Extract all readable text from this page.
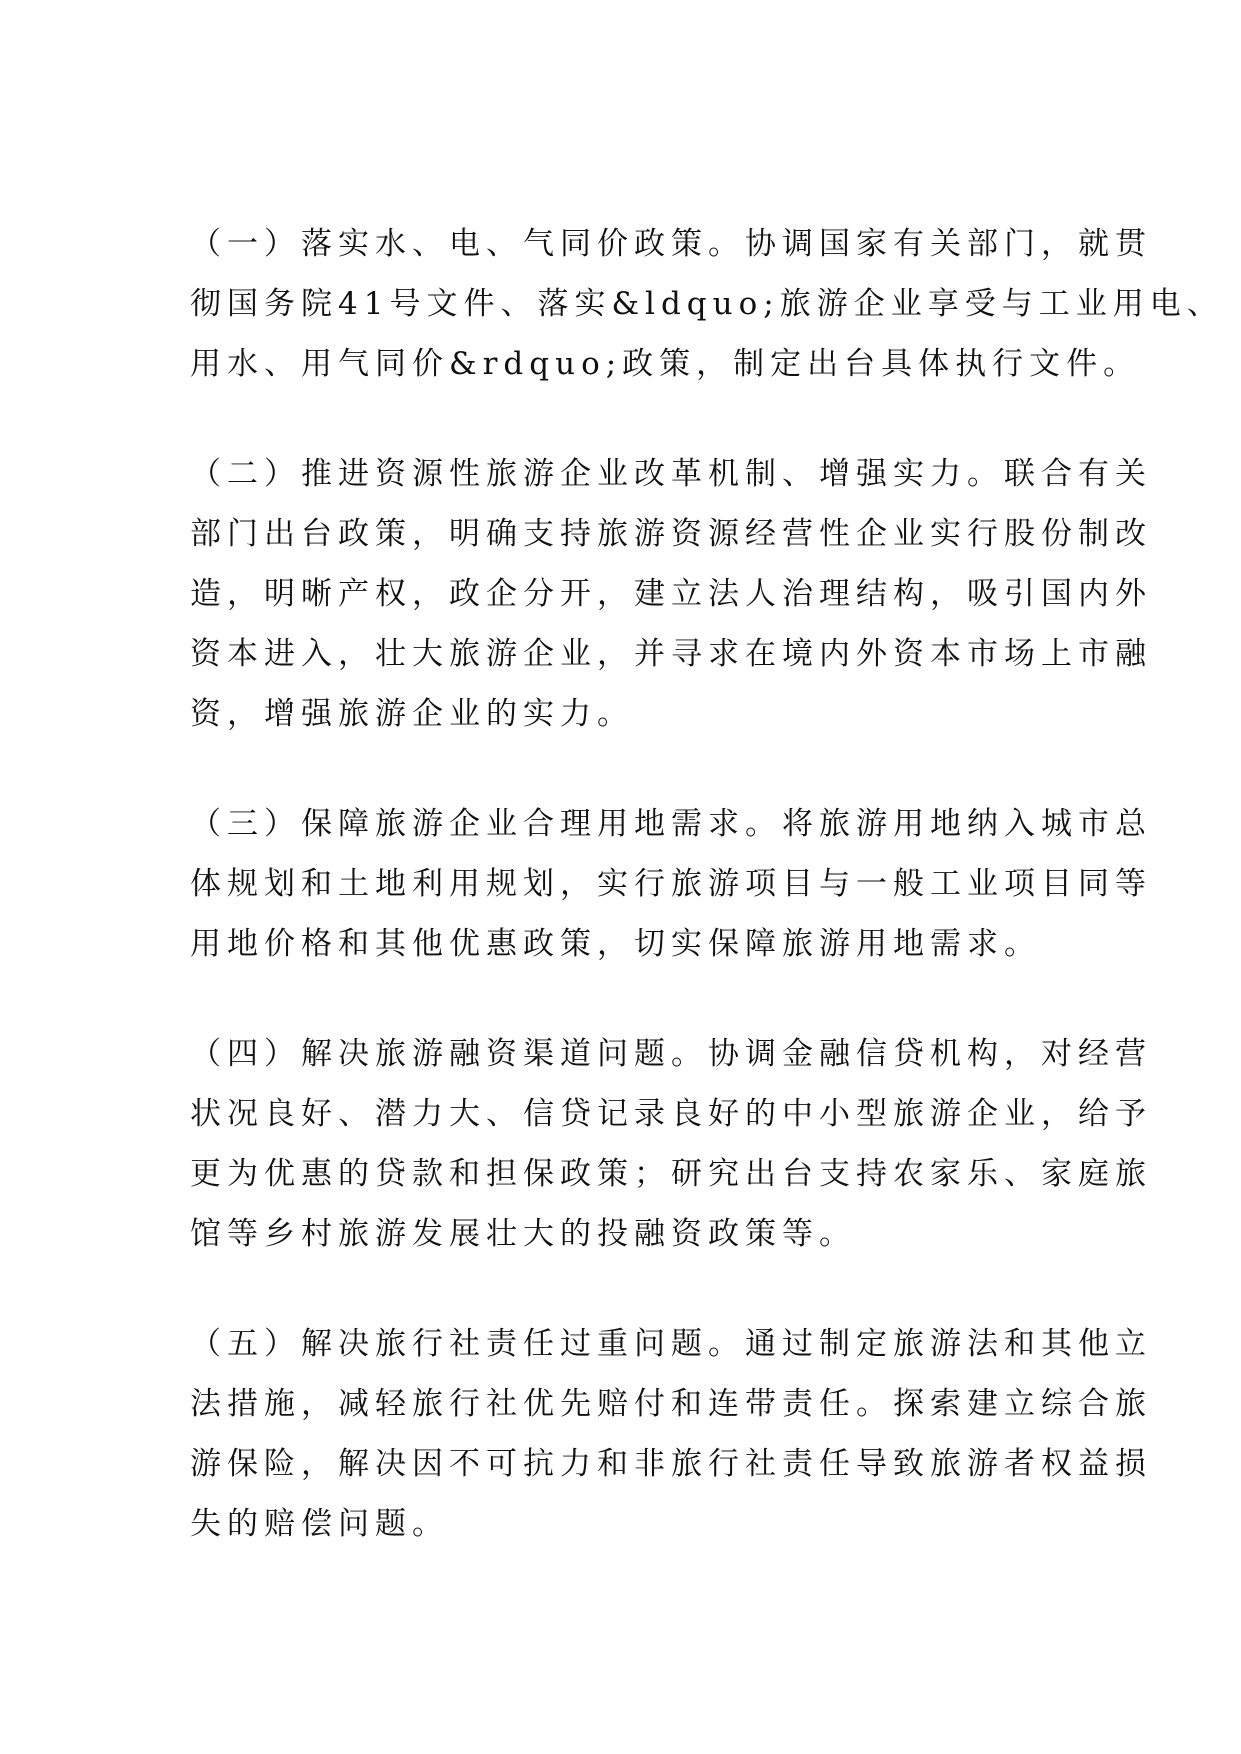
（一）落实水、电、气同价政策。协调国家有关部门，就贯
彻国务院41号文件、落实&ldquo;旅游企业享受与工业用电、
用水、用气同价&rdquo;政策，制定出台具体执行文件。

（二）推进资源性旅游企业改革机制、增强实力。联合有关
部门出台政策，明确支持旅游资源经营性企业实行股份制改
造，明晰产权，政企分开，建立法人治理结构，吸引国内外
资本进入，壮大旅游企业，并寻求在境内外资本市场上市融
资，增强旅游企业的实力。

（三）保障旅游企业合理用地需求。将旅游用地纳入城市总
体规划和土地利用规划，实行旅游项目与一般工业项目同等
用地价格和其他优惠政策，切实保障旅游用地需求。

（四）解决旅游融资渠道问题。协调金融信贷机构，对经营
状况良好、潜力大、信贷记录良好的中小型旅游企业，给予
更为优惠的贷款和担保政策；研究出台支持农家乐、家庭旅
馆等乡村旅游发展壮大的投融资政策等。

（五）解决旅行社责任过重问题。通过制定旅游法和其他立
法措施，减轻旅行社优先赔付和连带责任。探索建立综合旅
游保险，解决因不可抗力和非旅行社责任导致旅游者权益损
失的赔偿问题。
